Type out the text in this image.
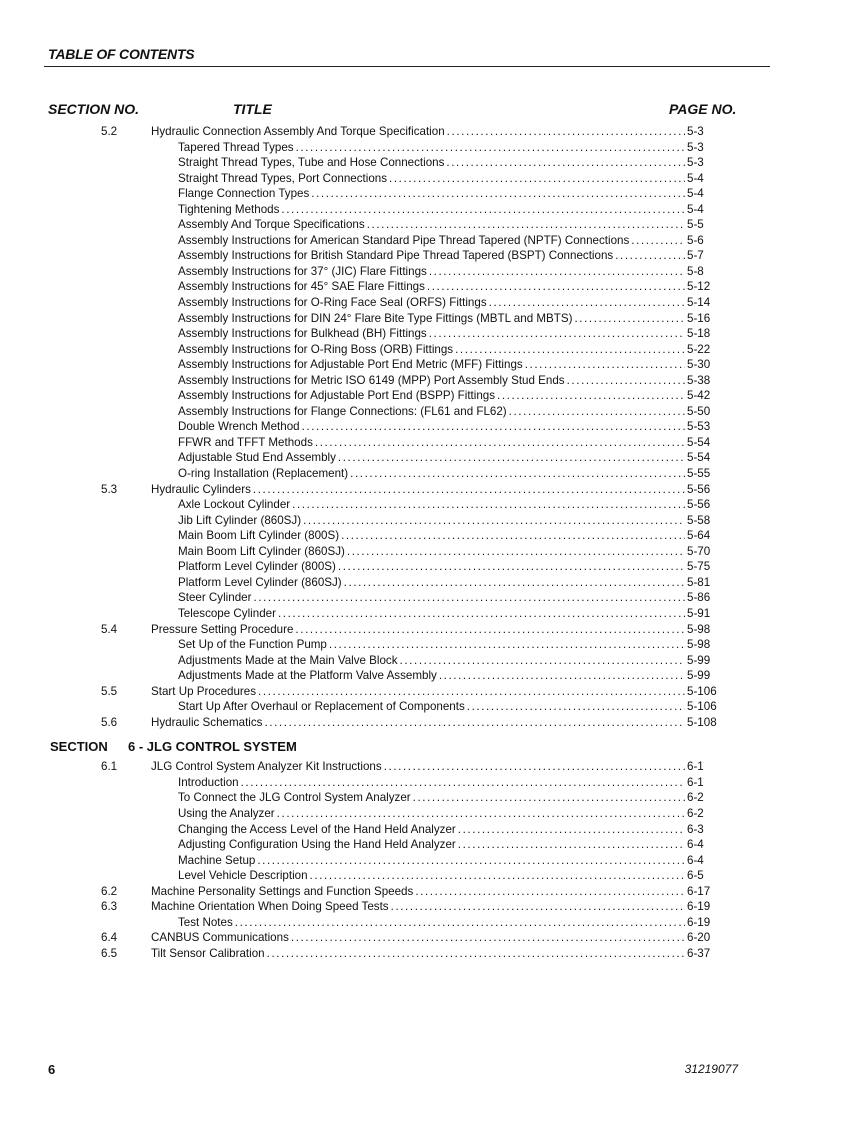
TABLE OF CONTENTS
SECTION NO.	TITLE	PAGE NO.
5.2	Hydraulic Connection Assembly And Torque Specification .....	5-3
Tapered Thread Types .....	5-3
Straight Thread Types, Tube and Hose Connections .....	5-3
Straight Thread Types, Port Connections .....	5-4
Flange Connection Types .....	5-4
Tightening Methods .....	5-4
Assembly And Torque Specifications .....	5-5
Assembly Instructions for American Standard Pipe Thread Tapered (NPTF) Connections .....	5-6
Assembly Instructions for British Standard Pipe Thread Tapered (BSPT) Connections .....	5-7
Assembly Instructions for 37° (JIC) Flare Fittings .....	5-8
Assembly Instructions for 45° SAE Flare Fittings .....	5-12
Assembly Instructions for O-Ring Face Seal (ORFS) Fittings .....	5-14
Assembly Instructions for DIN 24° Flare Bite Type Fittings (MBTL and MBTS) .....	5-16
Assembly Instructions for Bulkhead (BH) Fittings .....	5-18
Assembly Instructions for O-Ring Boss (ORB) Fittings .....	5-22
Assembly Instructions for Adjustable Port End Metric (MFF) Fittings .....	5-30
Assembly Instructions for Metric ISO 6149 (MPP) Port Assembly Stud Ends .....	5-38
Assembly Instructions for Adjustable Port End (BSPP) Fittings .....	5-42
Assembly Instructions for Flange Connections: (FL61 and FL62) .....	5-50
Double Wrench Method .....	5-53
FFWR and TFFT Methods .....	5-54
Adjustable Stud End Assembly .....	5-54
O-ring Installation (Replacement) .....	5-55
5.3	Hydraulic Cylinders .....	5-56
Axle Lockout Cylinder .....	5-56
Jib Lift Cylinder (860SJ) .....	5-58
Main Boom Lift Cylinder (800S) .....	5-64
Main Boom Lift Cylinder (860SJ) .....	5-70
Platform Level Cylinder (800S) .....	5-75
Platform Level Cylinder (860SJ) .....	5-81
Steer Cylinder .....	5-86
Telescope Cylinder .....	5-91
5.4	Pressure Setting Procedure .....	5-98
Set Up of the Function Pump .....	5-98
Adjustments Made at the Main Valve Block .....	5-99
Adjustments Made at the Platform Valve Assembly .....	5-99
5.5	Start Up Procedures .....	5-106
Start Up After Overhaul or Replacement of Components .....	5-106
5.6	Hydraulic Schematics .....	5-108
SECTION 6 - JLG CONTROL SYSTEM
6.1	JLG Control System Analyzer Kit Instructions .....	6-1
Introduction .....	6-1
To Connect the JLG Control System Analyzer .....	6-2
Using the Analyzer .....	6-2
Changing the Access Level of the Hand Held Analyzer .....	6-3
Adjusting Configuration Using the Hand Held Analyzer .....	6-4
Machine Setup .....	6-4
Level Vehicle Description .....	6-5
6.2	Machine Personality Settings and Function Speeds .....	6-17
6.3	Machine Orientation When Doing Speed Tests .....	6-19
Test Notes .....	6-19
6.4	CANBUS Communications .....	6-20
6.5	Tilt Sensor Calibration .....	6-37
6	31219077
